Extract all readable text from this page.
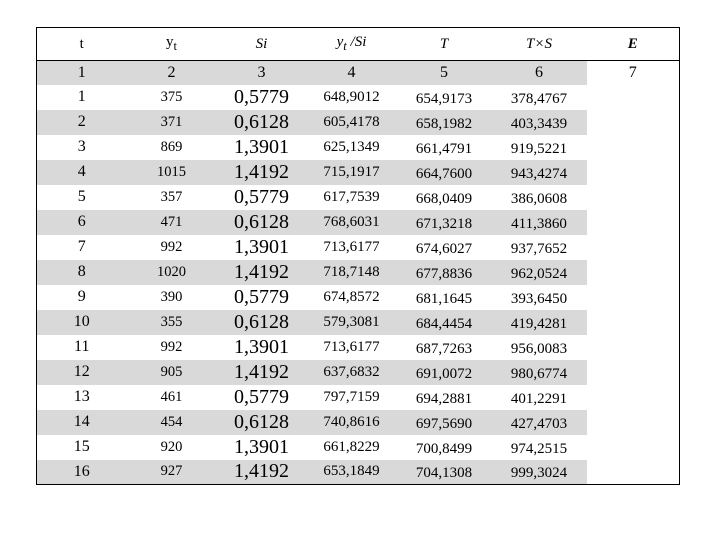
t	$y_t$	Si	$y_t$ /Si	T	T×S	E
1	2	3	4	5	6	7
1	375	0,5779	648,9012	654,9173	378,4767	
2	371	0,6128	605,4178	658,1982	403,3439	
3	869	1,3901	625,1349	661,4791	919,5221	
4	1015	1,4192	715,1917	664,7600	943,4274	
5	357	0,5779	617,7539	668,0409	386,0608	
6	471	0,6128	768,6031	671,3218	411,3860	
7	992	1,3901	713,6177	674,6027	937,7652	
8	1020	1,4192	718,7148	677,8836	962,0524	
9	390	0,5779	674,8572	681,1645	393,6450	
10	355	0,6128	579,3081	684,4454	419,4281	
11	992	1,3901	713,6177	687,7263	956,0083	
12	905	1,4192	637,6832	691,0072	980,6774	
13	461	0,5779	797,7159	694,2881	401,2291	
14	454	0,6128	740,8616	697,5690	427,4703	
15	920	1,3901	661,8229	700,8499	974,2515	
16	927	1,4192	653,1849	704,1308	999,3024	
